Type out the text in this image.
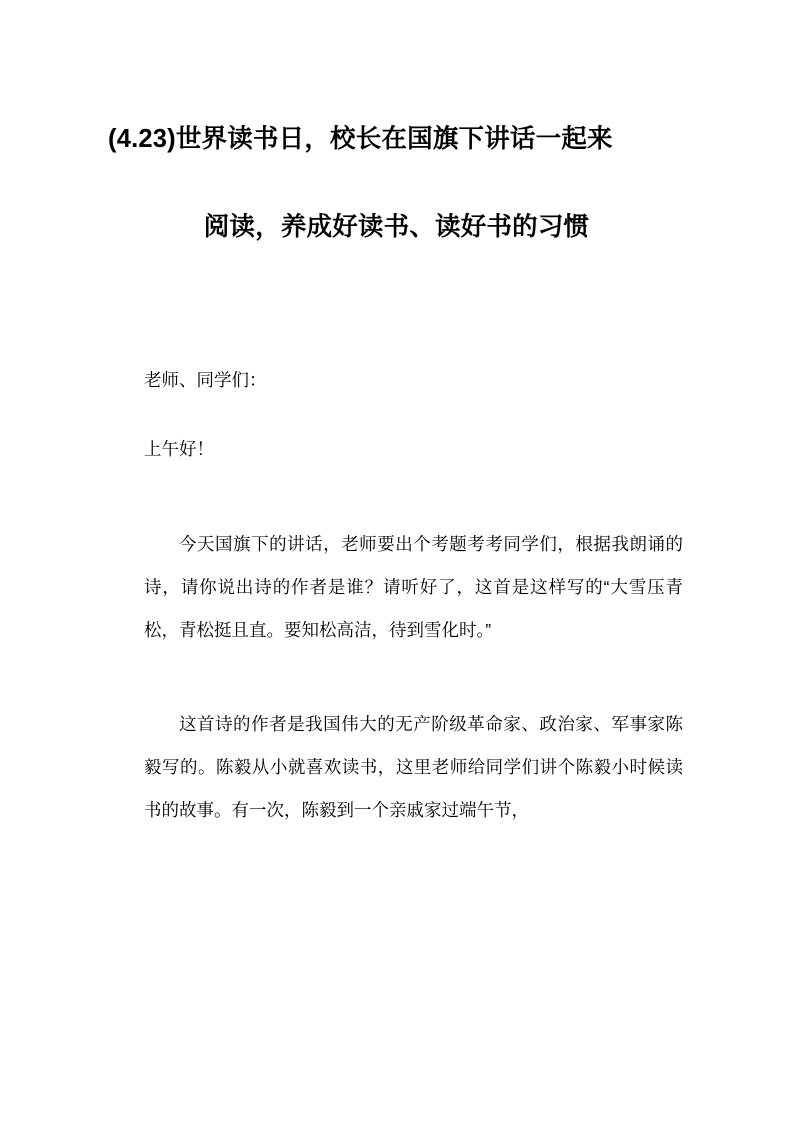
(4.23)世界读书日，校长在国旗下讲话一起来
阅读，养成好读书、读好书的习惯

老师、同学们：

上午好！

今天国旗下的讲话，老师要出个考题考考同学们，根据我朗诵的诗，请你说出诗的作者是谁？请听好了，这首是这样写的“大雪压青松，青松挺且直。要知松高洁，待到雪化时。”

这首诗的作者是我国伟大的无产阶级革命家、政治家、军事家陈毅写的。陈毅从小就喜欢读书，这里老师给同学们讲个陈毅小时候读书的故事。有一次，陈毅到一个亲戚家过端午节，
